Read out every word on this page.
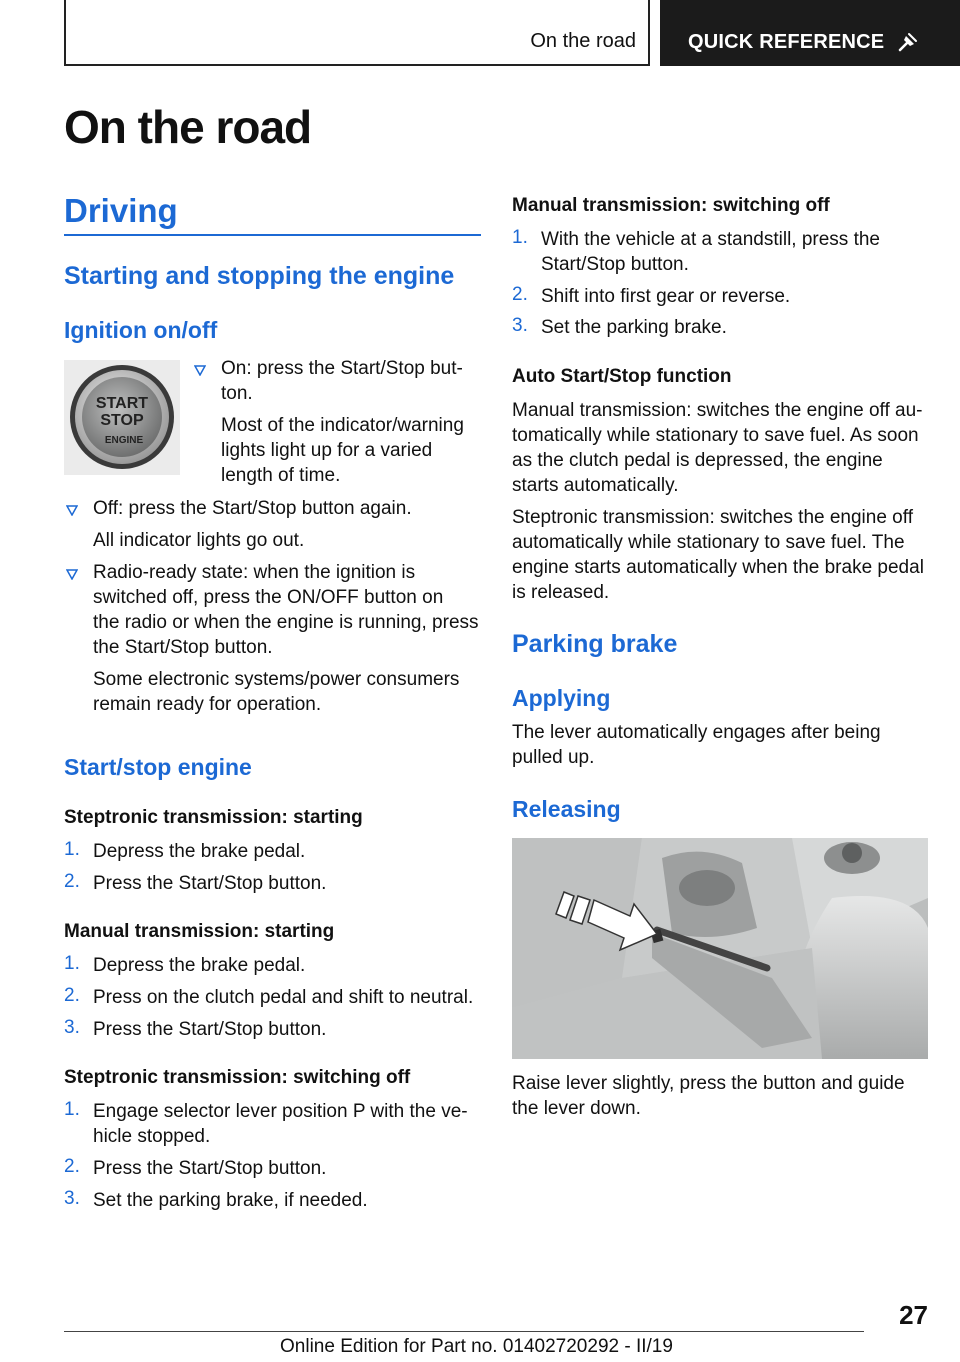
On the road	QUICK REFERENCE
On the road
Driving
Starting and stopping the engine
Ignition on/off
START
STOP
ENGINE

On: press the Start/Stop but-

ton.

Most of the indicator/warning

lights light up for a varied

length of time.

Off: press the Start/Stop button again.

All indicator lights go out.

Radio-ready state: when the ignition is

switched off, press the ON/OFF button on

the radio or when the engine is running, press

the Start/Stop button.

Some electronic systems/power consumers

remain ready for operation.

Start/stop engine
Steptronic transmission: starting
1. Depress the brake pedal.

2. Press the Start/Stop button.

Manual transmission: starting
1. Depress the brake pedal.

2. Press on the clutch pedal and shift to neutral.

3. Press the Start/Stop button.

Steptronic transmission: switching off
1. Engage selector lever position P with the ve-

hicle stopped.

2. Press the Start/Stop button.

3. Set the parking brake, if needed.

Manual transmission: switching off
1. With the vehicle at a standstill, press the

Start/Stop button.

2. Shift into first gear or reverse.

3. Set the parking brake.

Auto Start/Stop function

Manual transmission: switches the engine off au-

tomatically while stationary to save fuel. As soon

as the clutch pedal is depressed, the engine

starts automatically.

Steptronic transmission: switches the engine off

automatically while stationary to save fuel. The

engine starts automatically when the brake pedal

is released.

Parking brake
Applying

The lever automatically engages after being

pulled up.

Releasing

Raise lever slightly, press the button and guide

the lever down.

27
Online Edition for Part no. 01402720292 - II/19
